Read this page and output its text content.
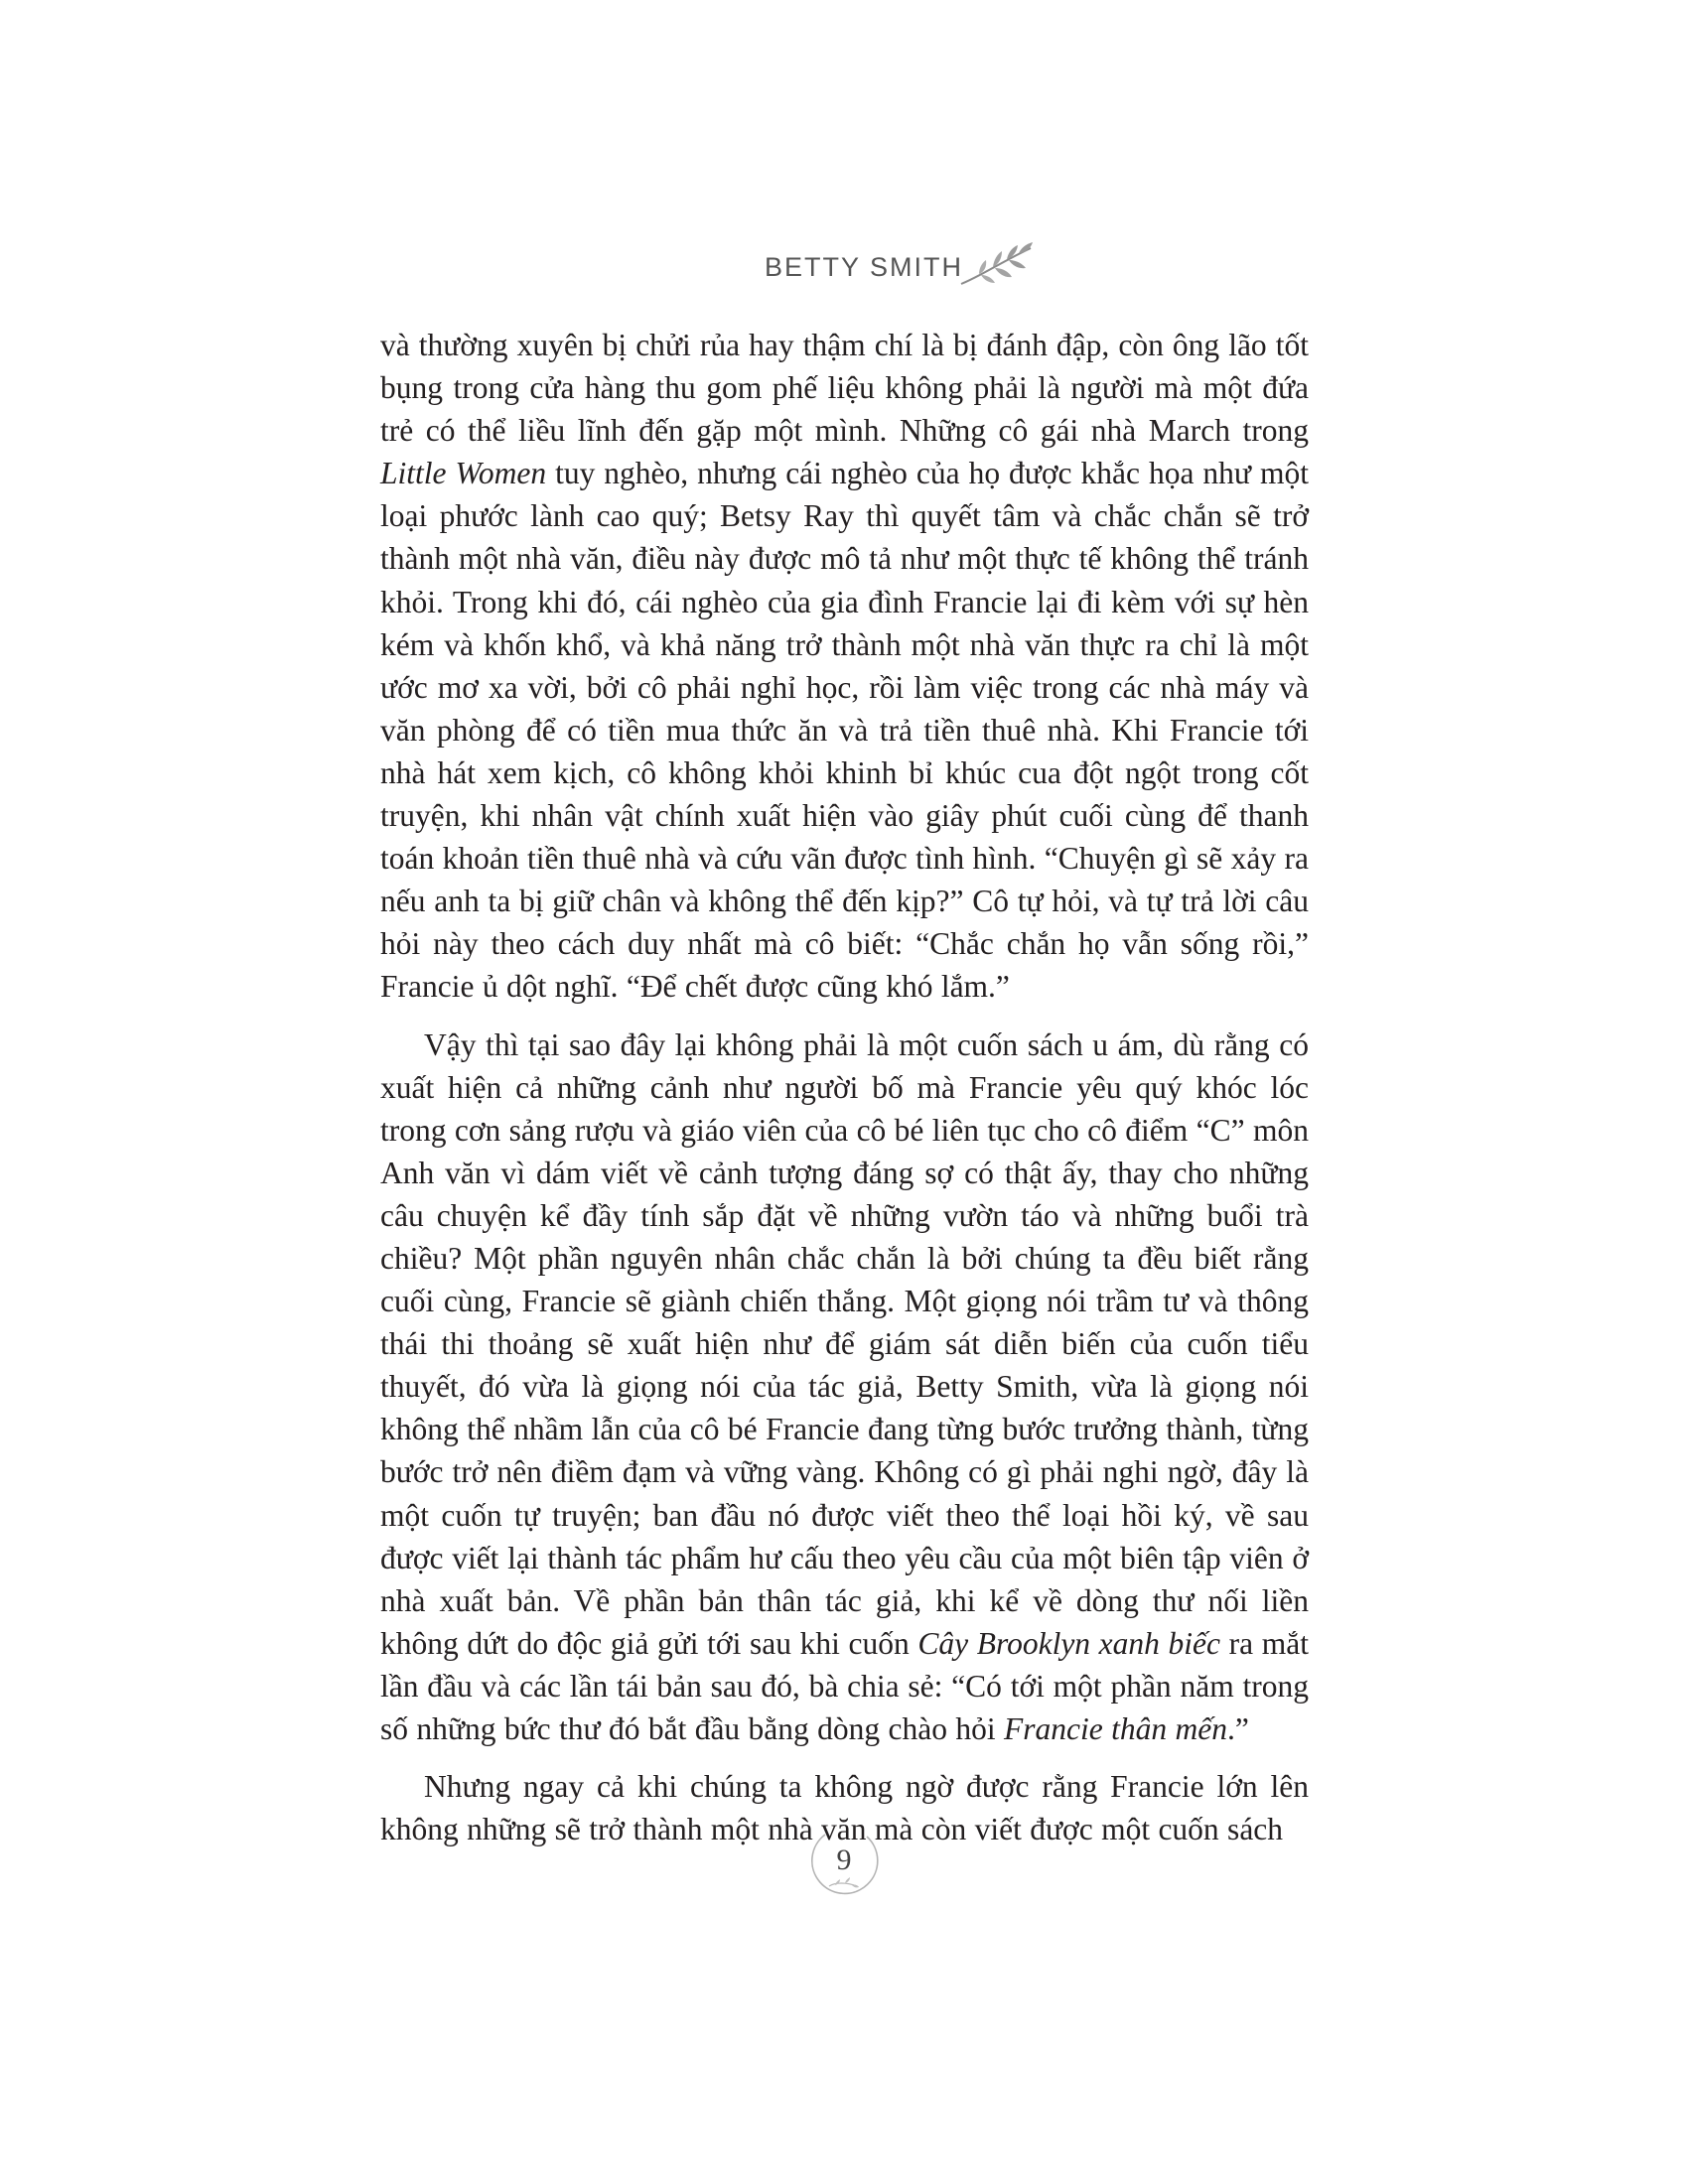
BETTY SMITH

và thường xuyên bị chửi rủa hay thậm chí là bị đánh đập, còn ông lão tốt bụng trong cửa hàng thu gom phế liệu không phải là người mà một đứa trẻ có thể liều lĩnh đến gặp một mình. Những cô gái nhà March trong Little Women tuy nghèo, nhưng cái nghèo của họ được khắc họa như một loại phước lành cao quý; Betsy Ray thì quyết tâm và chắc chắn sẽ trở thành một nhà văn, điều này được mô tả như một thực tế không thể tránh khỏi. Trong khi đó, cái nghèo của gia đình Francie lại đi kèm với sự hèn kém và khốn khổ, và khả năng trở thành một nhà văn thực ra chỉ là một ước mơ xa vời, bởi cô phải nghỉ học, rồi làm việc trong các nhà máy và văn phòng để có tiền mua thức ăn và trả tiền thuê nhà. Khi Francie tới nhà hát xem kịch, cô không khỏi khinh bỉ khúc cua đột ngột trong cốt truyện, khi nhân vật chính xuất hiện vào giây phút cuối cùng để thanh toán khoản tiền thuê nhà và cứu vãn được tình hình. “Chuyện gì sẽ xảy ra nếu anh ta bị giữ chân và không thể đến kịp?” Cô tự hỏi, và tự trả lời câu hỏi này theo cách duy nhất mà cô biết: “Chắc chắn họ vẫn sống rồi,” Francie ủ dột nghĩ. “Để chết được cũng khó lắm.”

Vậy thì tại sao đây lại không phải là một cuốn sách u ám, dù rằng có xuất hiện cả những cảnh như người bố mà Francie yêu quý khóc lóc trong cơn sảng rượu và giáo viên của cô bé liên tục cho cô điểm “C” môn Anh văn vì dám viết về cảnh tượng đáng sợ có thật ấy, thay cho những câu chuyện kể đầy tính sắp đặt về những vườn táo và những buổi trà chiều? Một phần nguyên nhân chắc chắn là bởi chúng ta đều biết rằng cuối cùng, Francie sẽ giành chiến thắng. Một giọng nói trầm tư và thông thái thi thoảng sẽ xuất hiện như để giám sát diễn biến của cuốn tiểu thuyết, đó vừa là giọng nói của tác giả, Betty Smith, vừa là giọng nói không thể nhầm lẫn của cô bé Francie đang từng bước trưởng thành, từng bước trở nên điềm đạm và vững vàng. Không có gì phải nghi ngờ, đây là một cuốn tự truyện; ban đầu nó được viết theo thể loại hồi ký, về sau được viết lại thành tác phẩm hư cấu theo yêu cầu của một biên tập viên ở nhà xuất bản. Về phần bản thân tác giả, khi kể về dòng thư nối liền không dứt do độc giả gửi tới sau khi cuốn Cây Brooklyn xanh biếc ra mắt lần đầu và các lần tái bản sau đó, bà chia sẻ: “Có tới một phần năm trong số những bức thư đó bắt đầu bằng dòng chào hỏi Francie thân mến.”

Nhưng ngay cả khi chúng ta không ngờ được rằng Francie lớn lên không những sẽ trở thành một nhà văn mà còn viết được một cuốn sách

9
